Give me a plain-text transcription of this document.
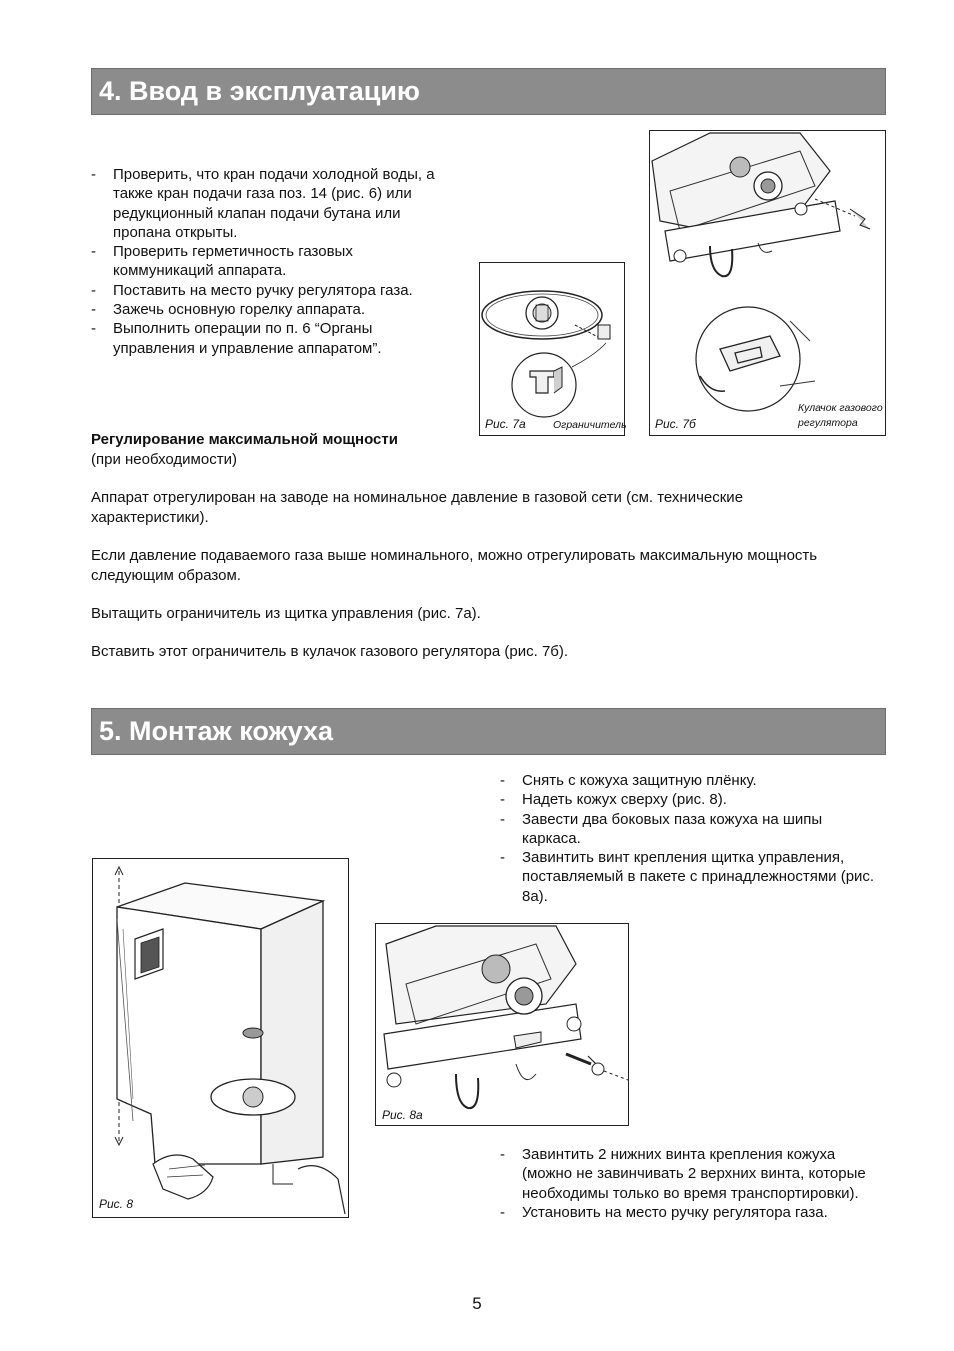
4. Ввод в эксплуатацию
- Проверить, что кран подачи холодной воды, а также кран подачи газа поз. 14 (рис. 6) или редукционный клапан подачи бутана или пропана открыты.
- Проверить герметичность газовых коммуникаций аппарата.
- Поставить на место ручку регулятора газа.
- Зажечь основную горелку аппарата.
- Выполнить операции по п. 6 “Органы управления и управление аппаратом”.
Рис. 7а	Ограничитель Рис. 7б
Кулачок газового
регулятора
Регулирование максимальной мощности
(при необходимости)

Аппарат отрегулирован на заводе на номинальное давление в газовой сети (см. технические характеристики).

Если давление подаваемого газа выше номинального, можно отрегулировать максимальную мощность следующим образом.

Вытащить ограничитель из щитка управления (рис. 7а).

Вставить этот ограничитель в кулачок газового регулятора (рис. 7б).

5. Монтаж кожуха
- Снять с кожуха защитную плёнку.
- Надеть кожух сверху (рис. 8).
- Завести два боковых паза кожуха на шипы каркаса.
- Завинтить винт крепления щитка управления, поставляемый в пакете с принадлежностями (рис. 8а).
Рис. 8
Рис. 8а
- Завинтить 2 нижних винта крепления кожуха (можно не завинчивать 2 верхних винта, которые необходимы только во время транспортировки).
- Установить на место ручку регулятора газа.
5
